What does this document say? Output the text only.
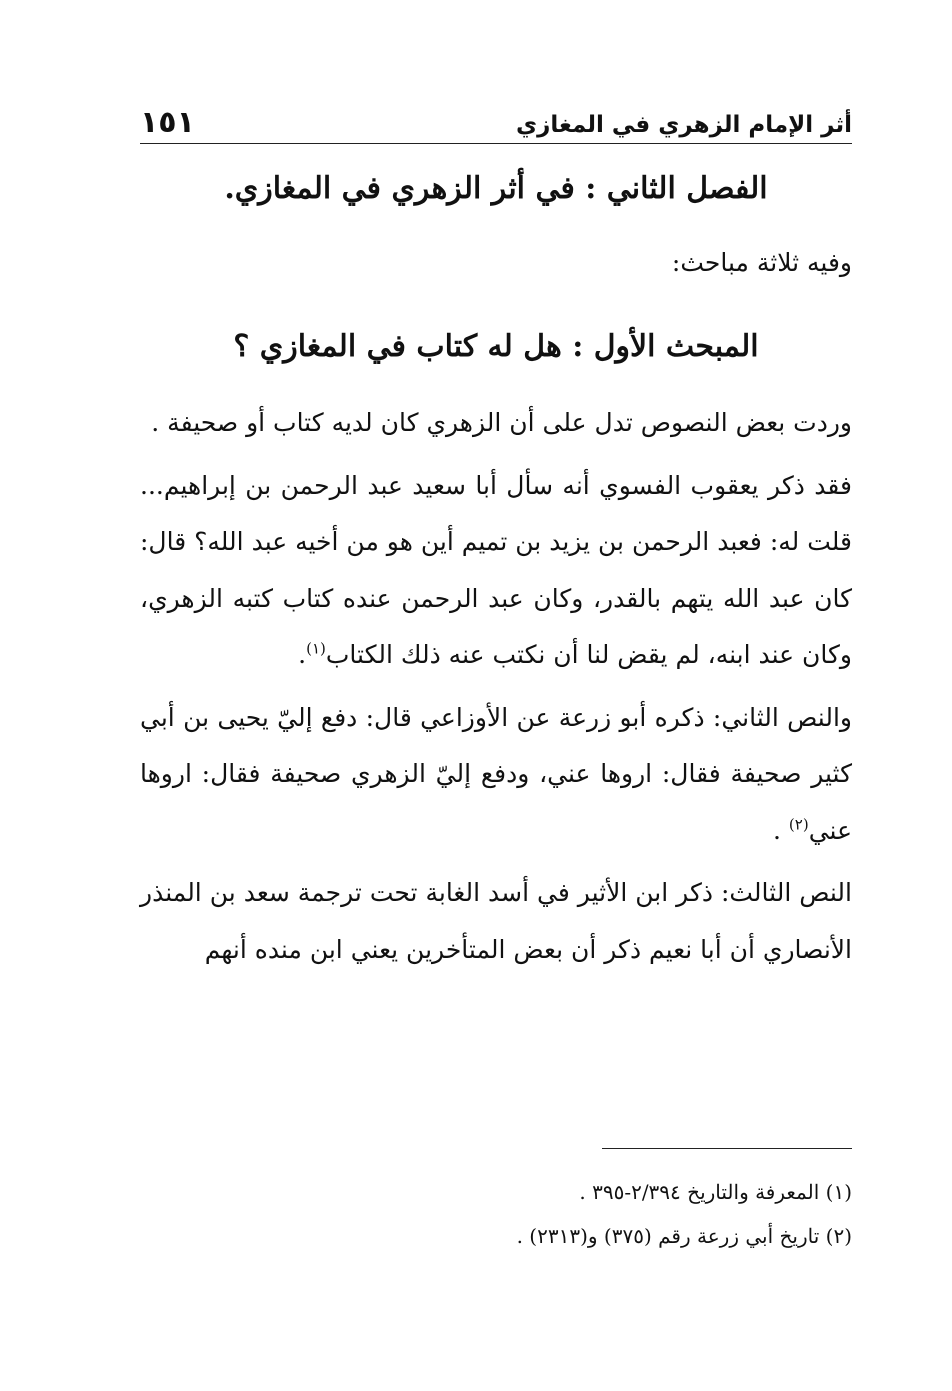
أثر الإمام الزهري في المغازي
١٥١
الفصل الثاني : في أثر الزهري في المغازي.
وفيه ثلاثة مباحث:
المبحث الأول : هل له كتاب في المغازي ؟

وردت بعض النصوص تدل على أن الزهري كان لديه كتاب أو صحيفة .

فقد ذكر يعقوب الفسوي أنه سأل أبا سعيد عبد الرحمن بن إبراهيم... قلت له: فعبد الرحمن بن يزيد بن تميم أين هو من أخيه عبد الله؟ قال: كان عبد الله يتهم بالقدر، وكان عبد الرحمن عنده كتاب كتبه الزهري، وكان عند ابنه، لم يقض لنا أن نكتب عنه ذلك الكتاب$^{(١)}$.

والنص الثاني: ذكره أبو زرعة عن الأوزاعي قال: دفع إليّ يحيى بن أبي كثير صحيفة فقال: اروها عني، ودفع إليّ الزهري صحيفة فقال: اروها عني$^{(٢)}$ .

النص الثالث: ذكر ابن الأثير في أسد الغابة تحت ترجمة سعد بن المنذر الأنصاري أن أبا نعيم ذكر أن بعض المتأخرين يعني ابن منده أنهم

(١) المعرفة والتاريخ ٢/٣٩٤-٣٩٥ .
(٢) تاريخ أبي زرعة رقم (٣٧٥) و(٢٣١٣) .
